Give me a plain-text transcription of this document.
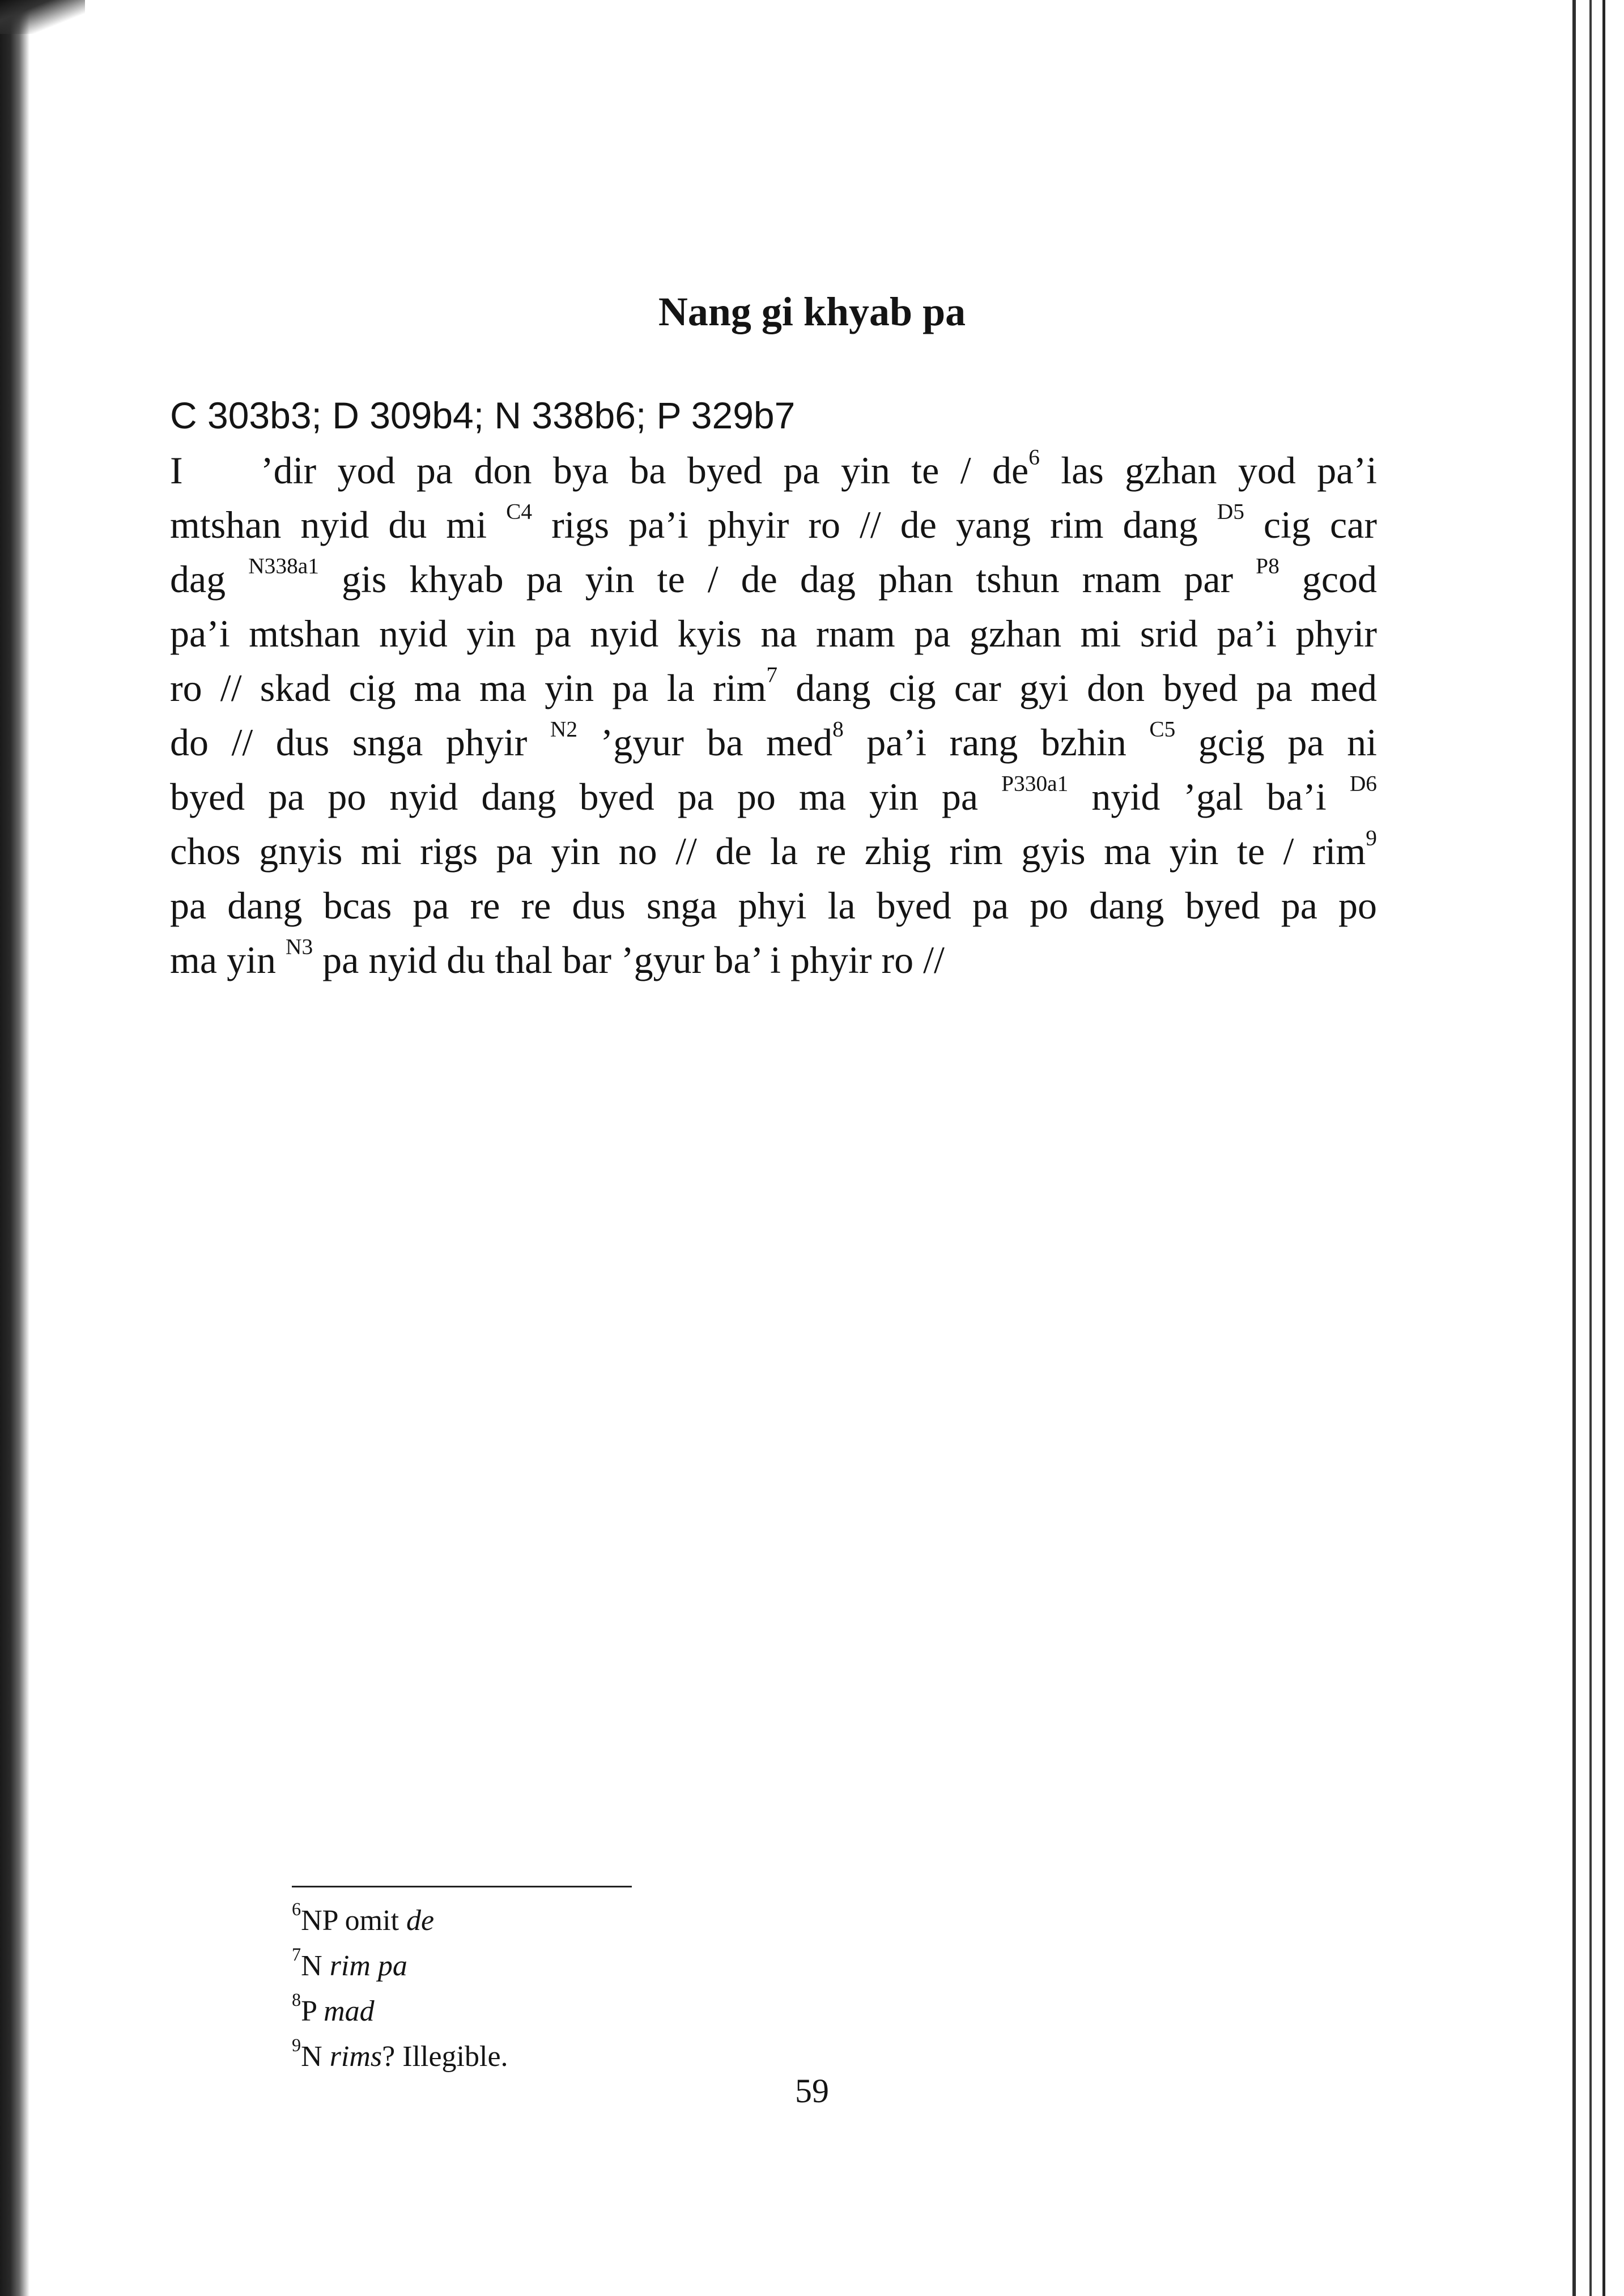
Nang gi khyab pa
C 303b3; D 309b4; N 338b6; P 329b7
I ’dir yod pa don bya ba byed pa yin te / $de^6$ las gzhan yod pa’i
mtshan nyid du mi $^{C4}$ rigs pa’i phyir ro // de yang rim dang $^{D5}$ cig car
dag $^{N338a1}$ gis khyab pa yin te / de dag phan tshun rnam par $^{P8}$ gcod
pa’i mtshan nyid yin pa nyid kyis na rnam pa gzhan mi srid pa’i phyir
ro // skad cig ma ma yin pa la rim$^7$ dang cig car gyi don byed pa med
do // dus snga phyir $^{N2}$ ’gyur ba med$^8$ pa’i rang bzhin $^{C5}$ gcig pa ni
byed pa po nyid dang byed pa po ma yin pa $^{P330a1}$ nyid ’gal ba’i $^{D6}$
chos gnyis mi rigs pa yin no // de la re zhig rim gyis ma yin te / rim$^9$
pa dang bcas pa re re dus snga phyi la byed pa po dang byed pa po
ma yin $^{N3}$ pa nyid du thal bar ’gyur ba’ i phyir ro //
$^6$NP omit de
$^7$N rim pa
$^8$P mad
$^9$N rims? Illegible.
59
